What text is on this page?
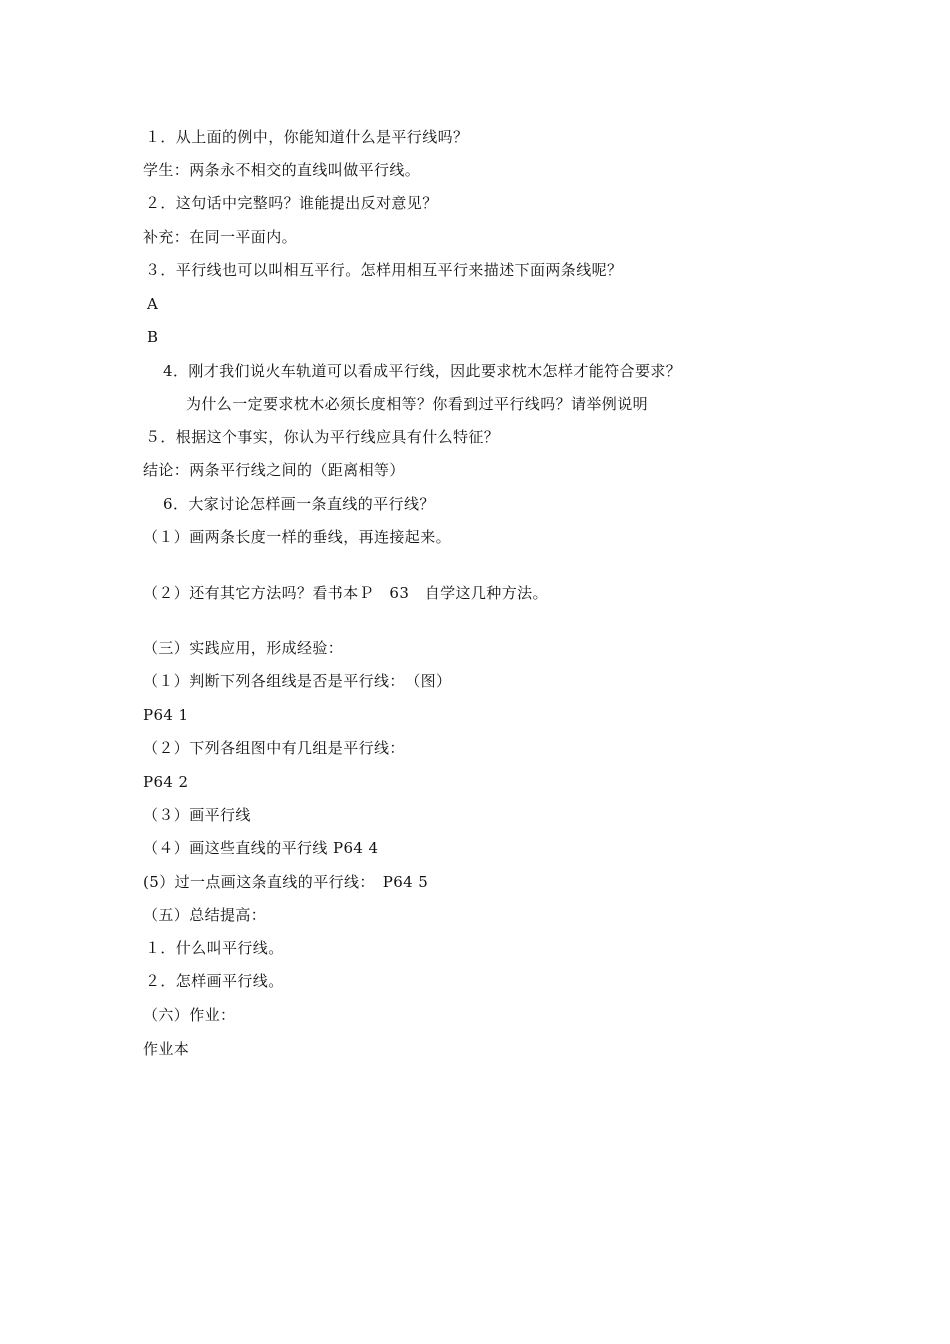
１．从上面的例中，你能知道什么是平行线吗？
学生：两条永不相交的直线叫做平行线。
２．这句话中完整吗？谁能提出反对意见？
补充：在同一平面内。
３．平行线也可以叫相互平行。怎样用相互平行来描述下面两条线呢？
A
B
4．刚才我们说火车轨道可以看成平行线，因此要求枕木怎样才能符合要求？
为什么一定要求枕木必须长度相等？你看到过平行线吗？请举例说明
５．根据这个事实，你认为平行线应具有什么特征？
结论：两条平行线之间的（距离相等）
6．大家讨论怎样画一条直线的平行线？
（１）画两条长度一样的垂线，再连接起来。
（２）还有其它方法吗？看书本Ｐ　63　自学这几种方法。
（三）实践应用，形成经验：
（１）判断下列各组线是否是平行线：　（图）
P64 1
（２）下列各组图中有几组是平行线：
P64 2
（３）画平行线
（４）画这些直线的平行线 P64 4
(5）过一点画这条直线的平行线：　P64 5
（五）总结提高：
１．什么叫平行线。
２．怎样画平行线。
（六）作业：
作业本
